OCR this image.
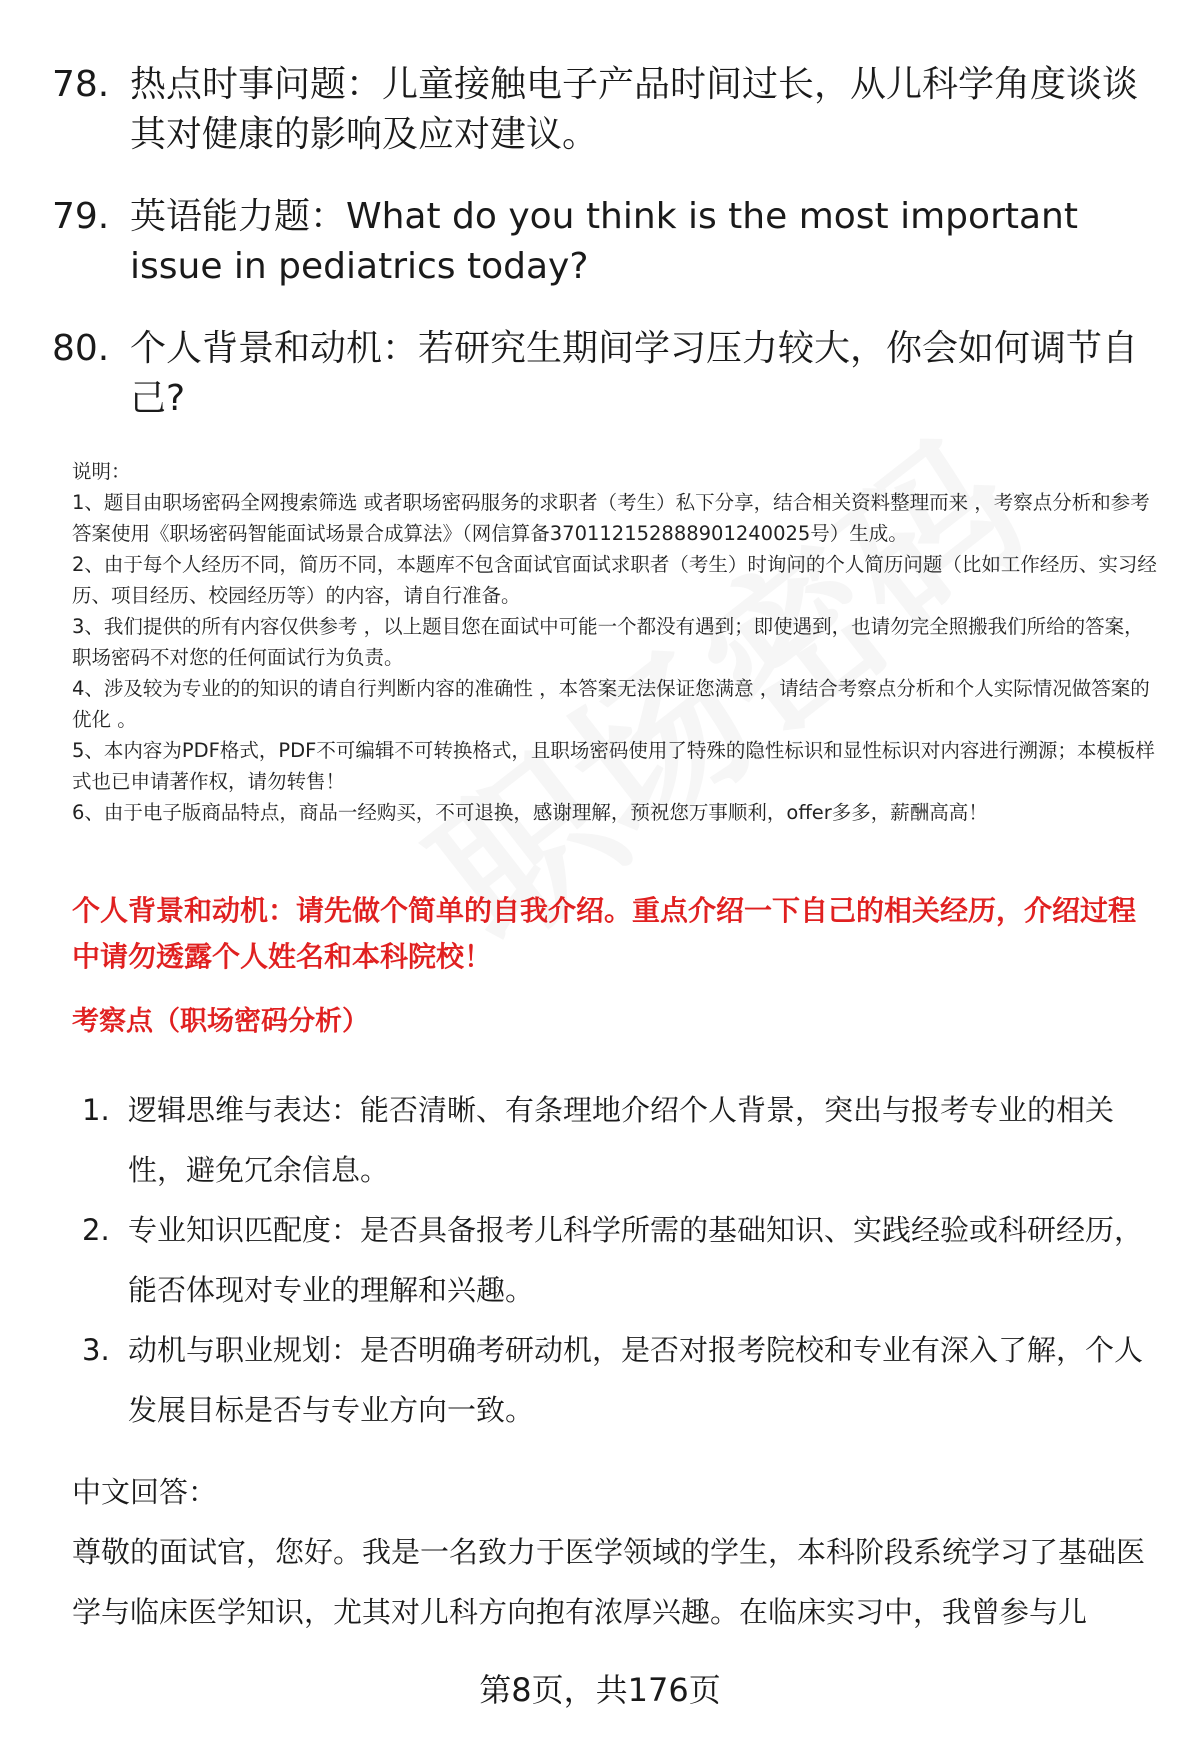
78. 热点时事问题：儿童接触电子产品时间过长，从儿科学角度谈谈其对健康的影响及应对建议。
79. 英语能力题：What do you think is the most important issue in pediatrics today?
80. 个人背景和动机：若研究生期间学习压力较大，你会如何调节自己?

说明：

1、题目由职场密码全网搜索筛选 或者职场密码服务的求职者（考生）私下分享，结合相关资料整理而来 ，考察点分析和参考答案使用《职场密码智能面试场景合成算法》（网信算备370112152888901240025号）生成。

2、由于每个人经历不同，简历不同，本题库不包含面试官面试求职者（考生）时询问的个人简历问题（比如工作经历、实习经历、项目经历、校园经历等）的内容，请自行准备。

3、我们提供的所有内容仅供参考 ，以上题目您在面试中可能一个都没有遇到；即使遇到，也请勿完全照搬我们所给的答案，职场密码不对您的任何面试行为负责。

4、涉及较为专业的的知识的请自行判断内容的准确性 ，本答案无法保证您满意 ，请结合考察点分析和个人实际情况做答案的优化 。

5、本内容为PDF格式，PDF不可编辑不可转换格式，且职场密码使用了特殊的隐性标识和显性标识对内容进行溯源；本模板样式也已申请著作权，请勿转售！

6、由于电子版商品特点，商品一经购买，不可退换，感谢理解，预祝您万事顺利，offer多多，薪酬高高！

个人背景和动机：请先做个简单的自我介绍。重点介绍一下自己的相关经历，介绍过程中请勿透露个人姓名和本科院校！
考察点（职场密码分析）
1. 逻辑思维与表达：能否清晰、有条理地介绍个人背景，突出与报考专业的相关性，避免冗余信息。
2. 专业知识匹配度：是否具备报考儿科学所需的基础知识、实践经验或科研经历，能否体现对专业的理解和兴趣。
3. 动机与职业规划：是否明确考研动机，是否对报考院校和专业有深入了解，个人发展目标是否与专业方向一致。
中文回答：
尊敬的面试官，您好。我是一名致力于医学领域的学生，本科阶段系统学习了基础医学与临床医学知识，尤其对儿科方向抱有浓厚兴趣。在临床实习中，我曾参与儿
第8页，共176页
